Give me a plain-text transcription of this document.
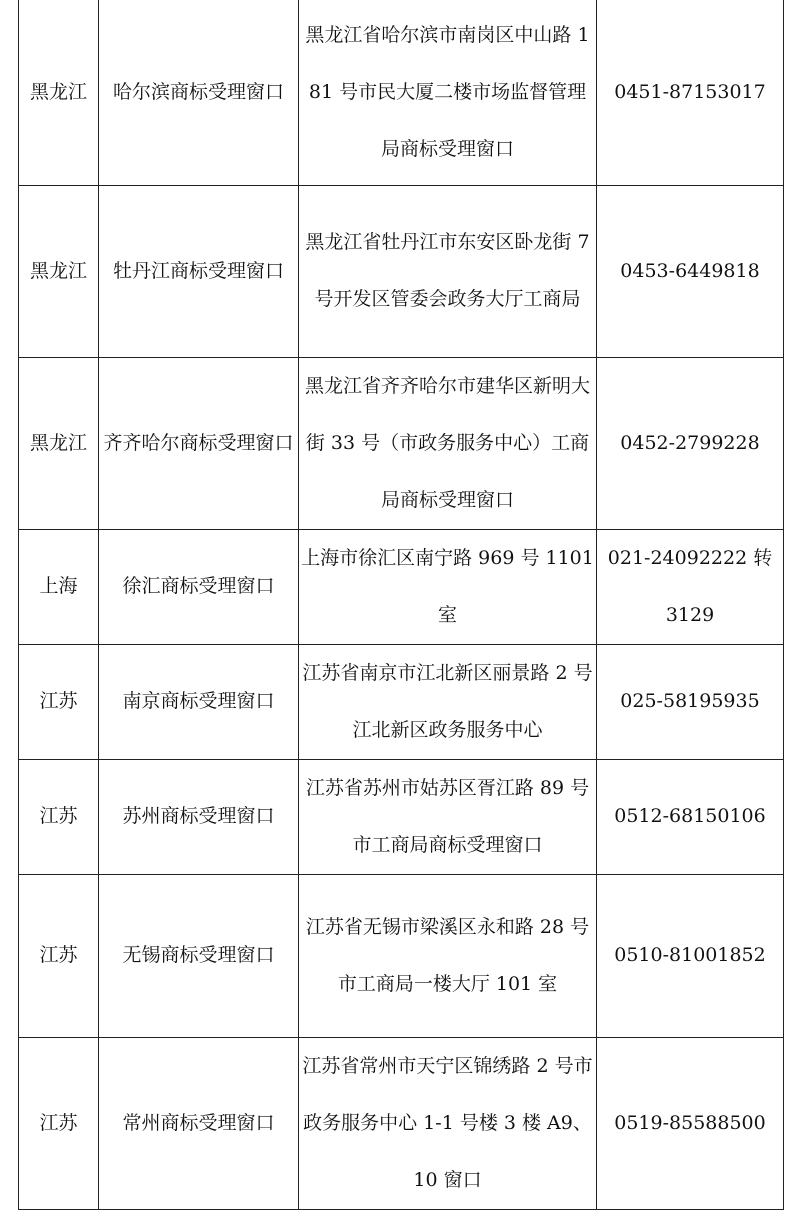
黑龙江	哈尔滨商标受理窗口	黑龙江省哈尔滨市南岗区中山路 181 号市民大厦二楼市场监督管理局商标受理窗口	0451-87153017
黑龙江	牡丹江商标受理窗口	黑龙江省牡丹江市东安区卧龙街 7 号开发区管委会政务大厅工商局	0453-6449818
黑龙江	齐齐哈尔商标受理窗口	黑龙江省齐齐哈尔市建华区新明大街 33 号（市政务服务中心）工商局商标受理窗口	0452-2799228
上海	徐汇商标受理窗口	上海市徐汇区南宁路 969 号 1101 室	021-24092222 转 3129
江苏	南京商标受理窗口	江苏省南京市江北新区丽景路 2 号江北新区政务服务中心	025-58195935
江苏	苏州商标受理窗口	江苏省苏州市姑苏区胥江路 89 号市工商局商标受理窗口	0512-68150106
江苏	无锡商标受理窗口	江苏省无锡市梁溪区永和路 28 号市工商局一楼大厅 101 室	0510-81001852
江苏	常州商标受理窗口	江苏省常州市天宁区锦绣路 2 号市政务服务中心 1-1 号楼 3 楼 A9、10 窗口	0519-85588500
